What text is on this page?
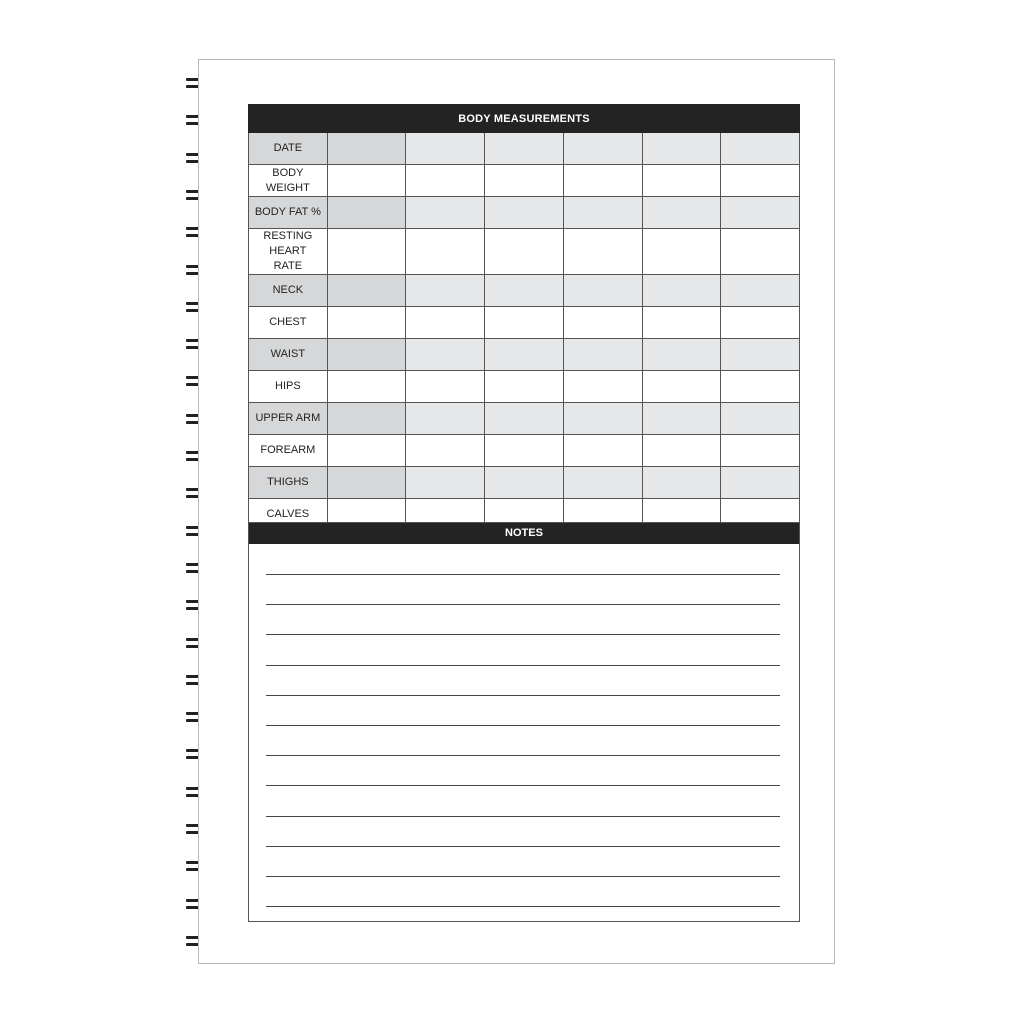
BODY MEASUREMENTS						
DATE						
BODY WEIGHT						
BODY FAT %						
RESTING HEART RATE						
NECK						
CHEST						
WAIST						
HIPS						
UPPER ARM						
FOREARM						
THIGHS						
CALVES						
NOTES
